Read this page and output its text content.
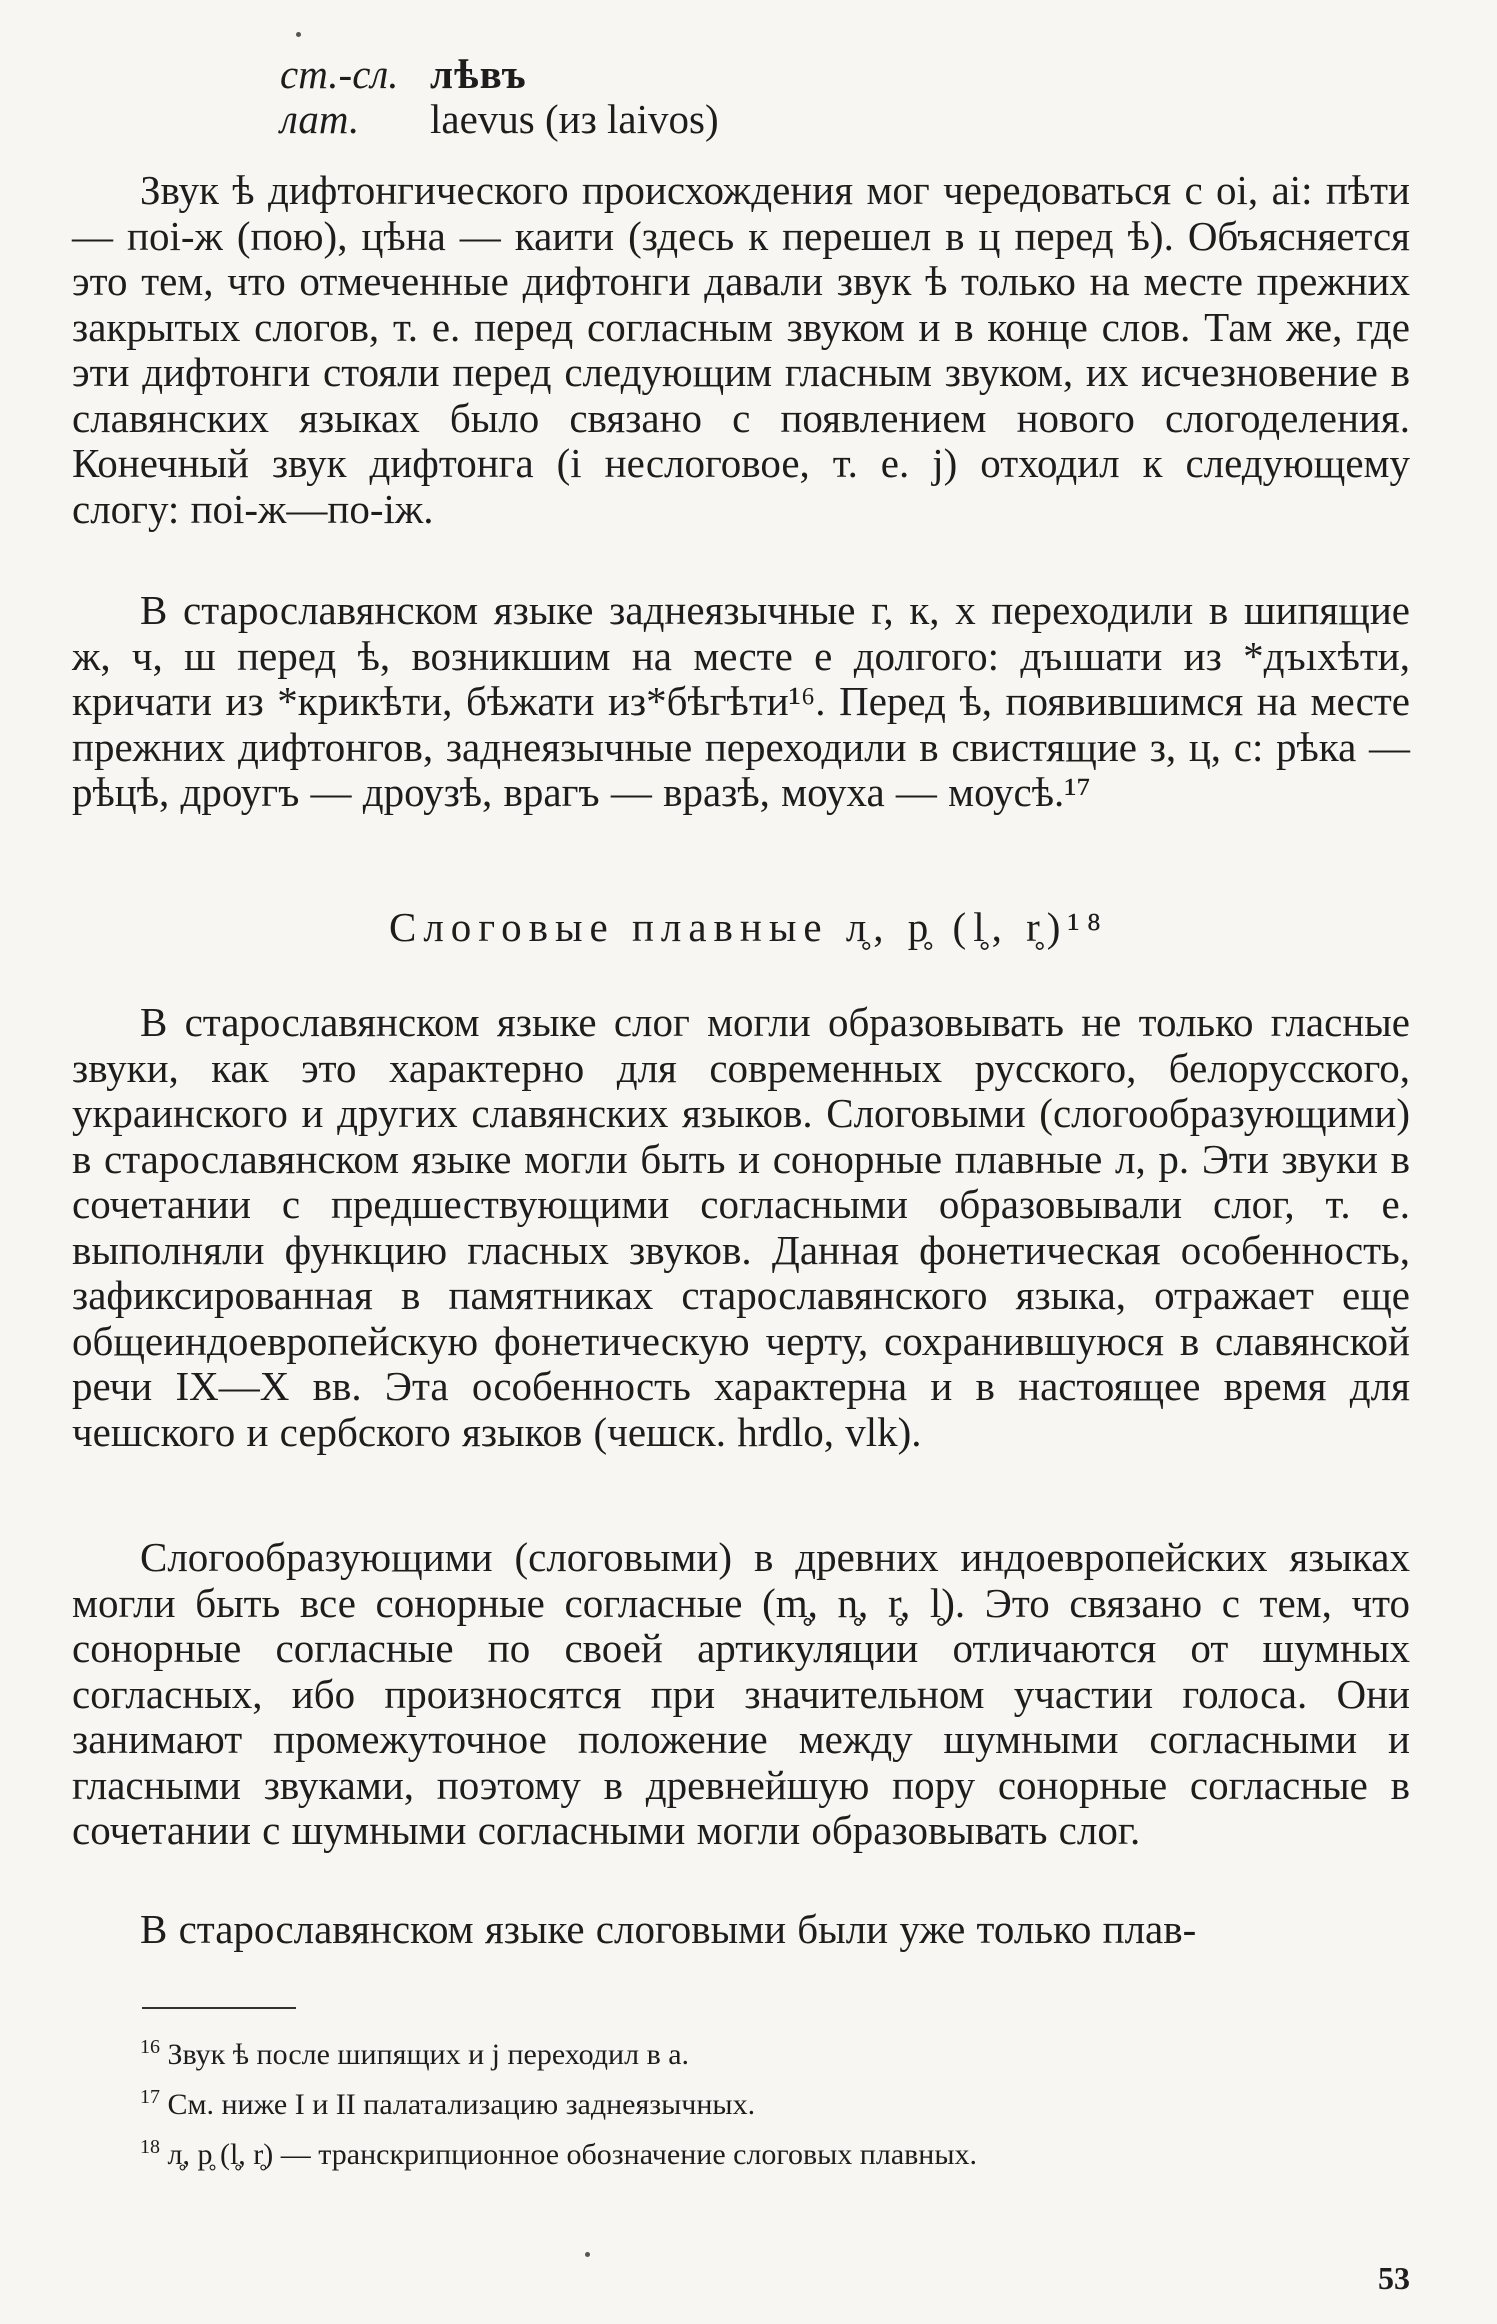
ст.-сл. лѣвъ
лат. laevus (из laivos)

Звук ѣ дифтонгического происхождения мог чередоваться с oi, ai: пѣти — поi-ж (пою), цѣна — каити (здесь к перешел в ц перед ѣ). Объясняется это тем, что отмеченные дифтонги давали звук ѣ только на месте прежних закрытых слогов, т. е. перед согласным звуком и в конце слов. Там же, где эти дифтонги стояли перед следующим гласным звуком, их исчезновение в славянских языках было связано с появлением нового слогоделения. Конечный звук дифтонга (i неслоговое, т. е. j) отходил к следующему слогу: поi-ж—по-iж.

В старославянском языке заднеязычные г, к, х переходили в шипящие ж, ч, ш перед ѣ, возникшим на месте е долгого: дъıшати из *дъıхѣти, кричати из *крикѣти, бѣжати из*бѣгѣти¹⁶. Перед ѣ, появившимся на месте прежних дифтонгов, заднеязычные переходили в свистящие з, ц, с: рѣка — рѣцѣ, дроугъ — дроузѣ, врагъ — вразѣ, моуха — моусѣ.¹⁷

Слоговые плавные л̥, р̥ (l̥, r̥)¹⁸

В старославянском языке слог могли образовывать не только гласные звуки, как это характерно для современных русского, белорусского, украинского и других славянских языков. Слоговыми (слогообразующими) в старославянском языке могли быть и сонорные плавные л, р. Эти звуки в сочетании с предшествующими согласными образовывали слог, т. е. выполняли функцию гласных звуков. Данная фонетическая особенность, зафиксированная в памятниках старославянского языка, отражает еще общеиндоевропейскую фонетическую черту, сохранившуюся в славянской речи IX—X вв. Эта особенность характерна и в настоящее время для чешского и сербского языков (чешск. hrdlo, vlk).

Слогообразующими (слоговыми) в древних индоевропейских языках могли быть все сонорные согласные (m̥, n̥, r̥, l̥). Это связано с тем, что сонорные согласные по своей артикуляции отличаются от шумных согласных, ибо произносятся при значительном участии голоса. Они занимают промежуточное положение между шумными согласными и гласными звуками, поэтому в древнейшую пору сонорные согласные в сочетании с шумными согласными могли образовывать слог.

В старославянском языке слоговыми были уже только плав-

$^{16}$ Звук ѣ после шипящих и j переходил в а.
$^{17}$ См. ниже I и II палатализацию заднеязычных.
$^{18}$ л̥, р̥ (l̥, r̥) — транскрипционное обозначение слоговых плавных.
53
